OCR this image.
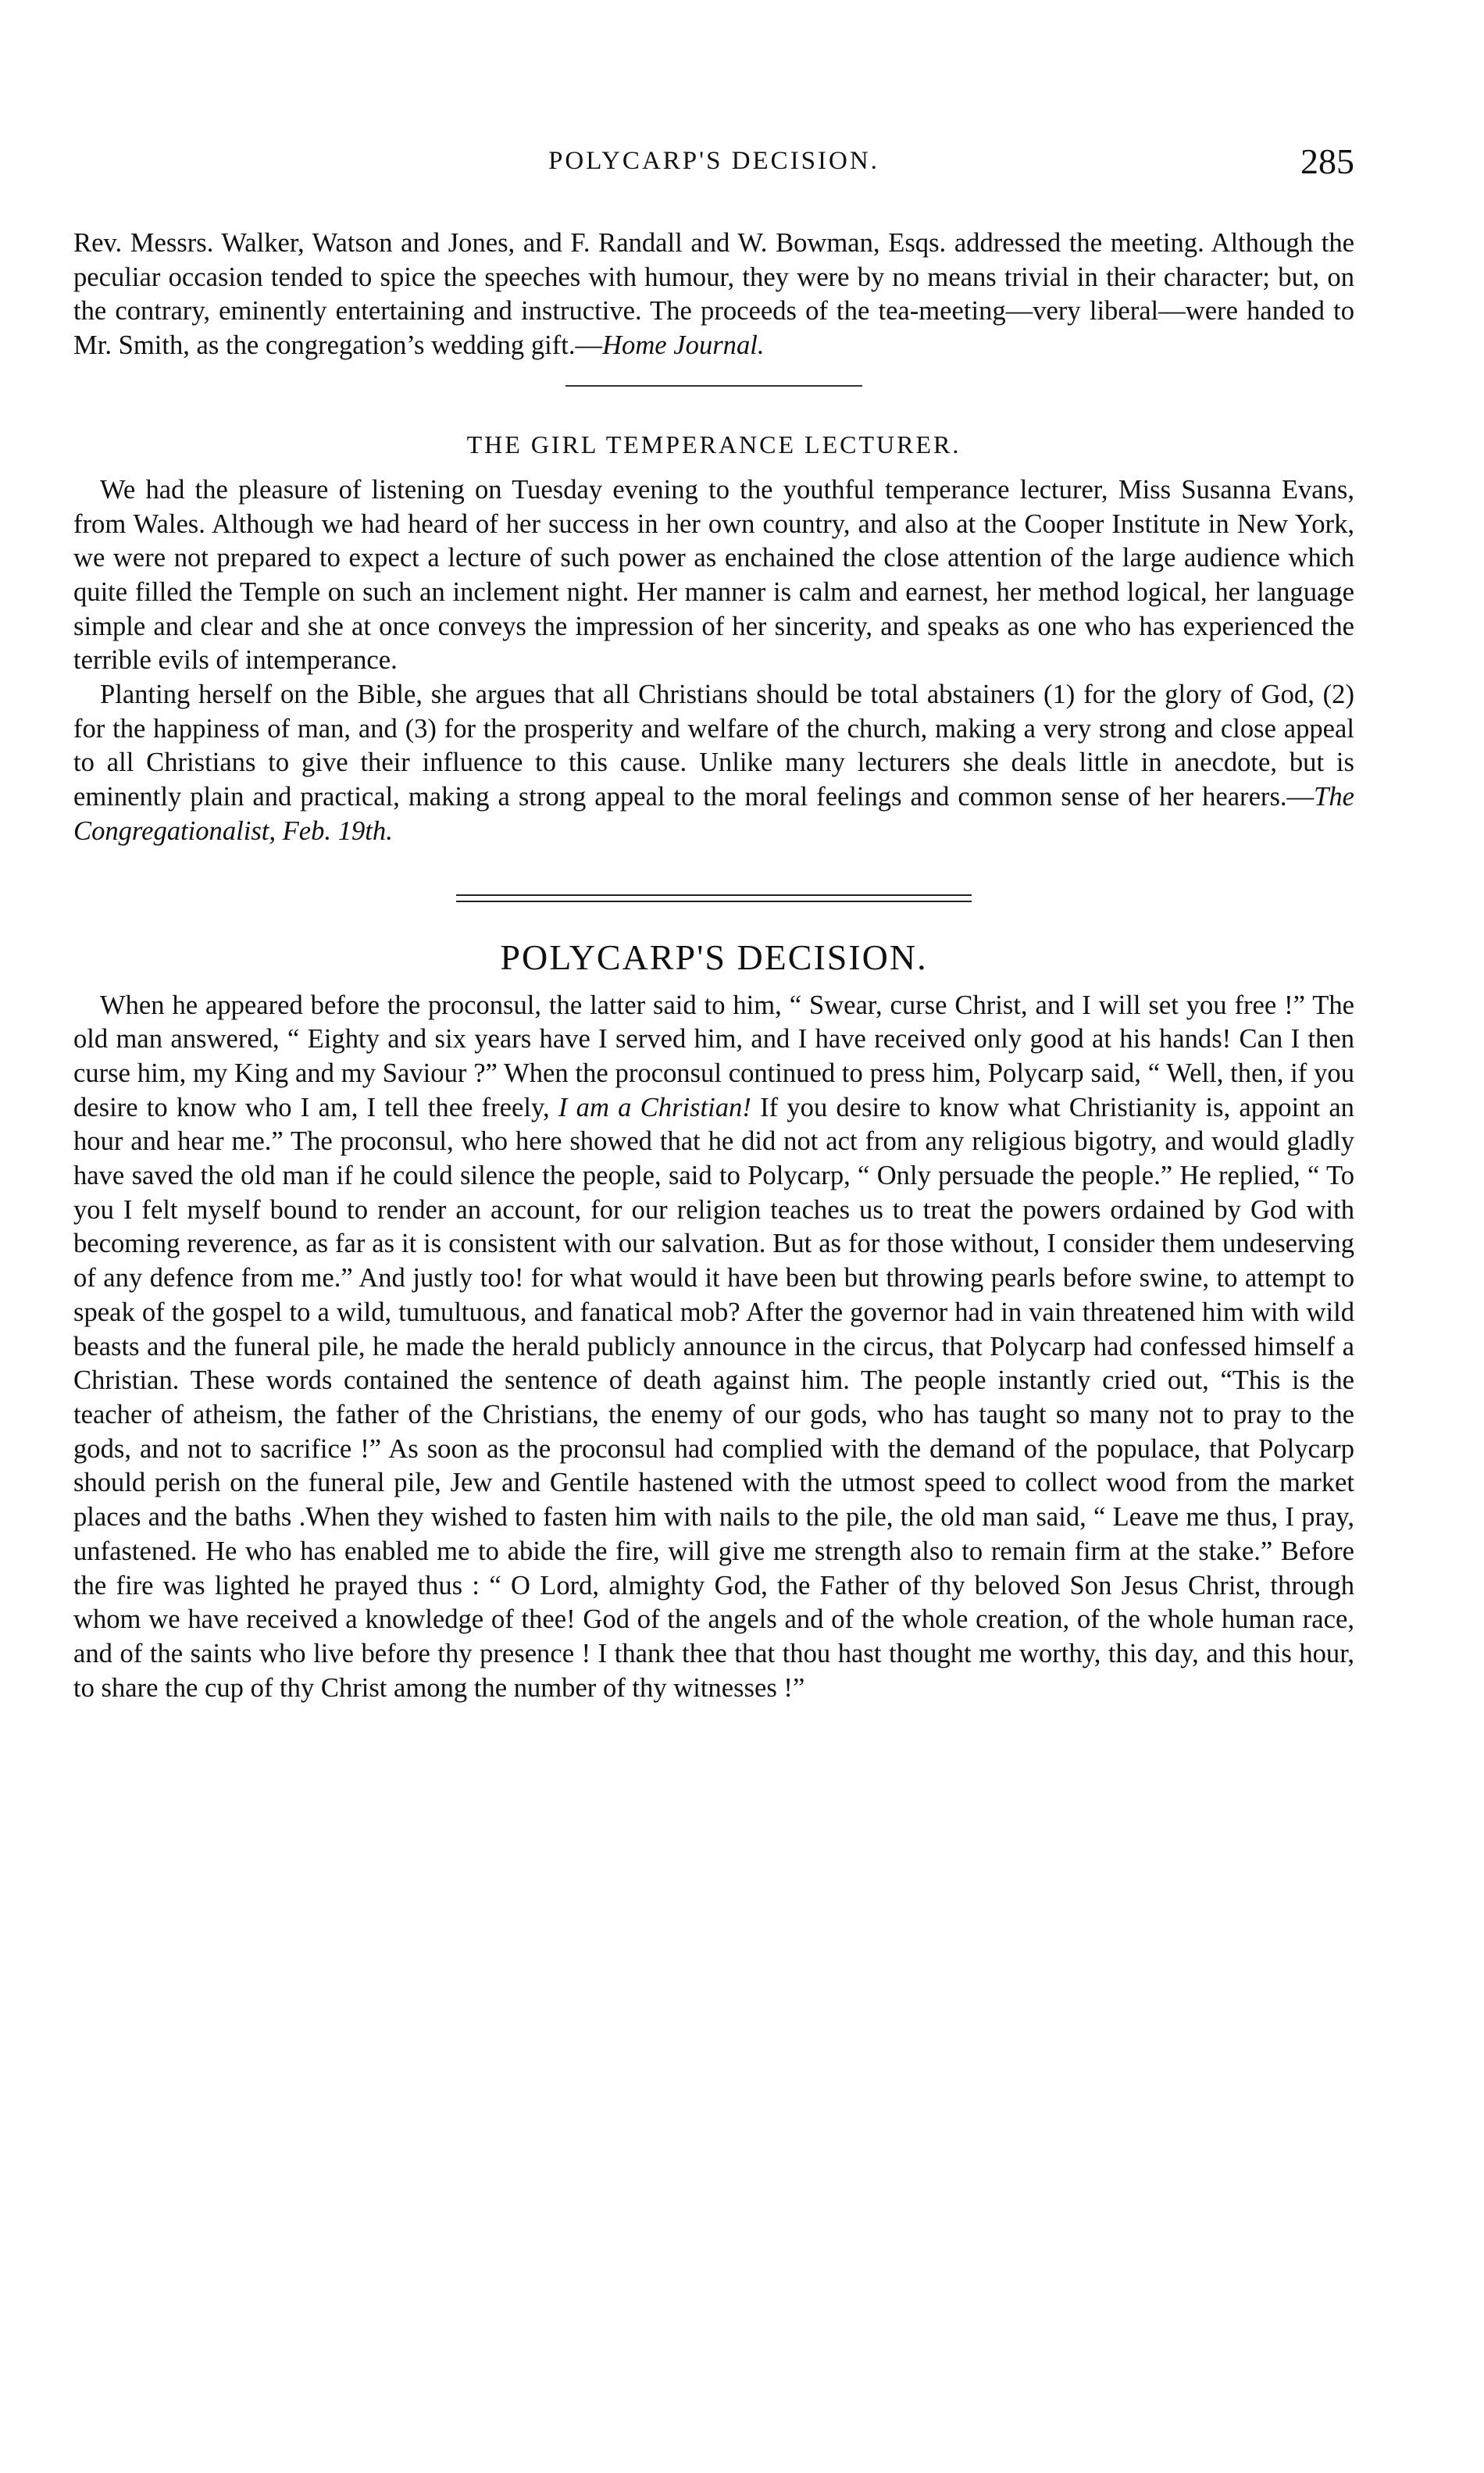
POLYCARP'S DECISION.	285

Rev. Messrs. Walker, Watson and Jones, and F. Randall and W. Bowman, Esqs. addressed the meeting. Although the peculiar occasion tended to spice the speeches with humour, they were by no means trivial in their character; but, on the contrary, eminently entertaining and instructive. The proceeds of the tea-meeting—very liberal—were handed to Mr. Smith, as the congregation’s wedding gift.—Home Journal.

THE GIRL TEMPERANCE LECTURER.

We had the pleasure of listening on Tuesday evening to the youthful temperance lecturer, Miss Susanna Evans, from Wales. Although we had heard of her success in her own country, and also at the Cooper Institute in New York, we were not prepared to expect a lecture of such power as enchained the close attention of the large audience which quite filled the Temple on such an inclement night. Her manner is calm and earnest, her method logical, her language simple and clear and she at once conveys the impression of her sincerity, and speaks as one who has experienced the terrible evils of intemperance.

Planting herself on the Bible, she argues that all Christians should be total abstainers (1) for the glory of God, (2) for the happiness of man, and (3) for the prosperity and welfare of the church, making a very strong and close appeal to all Christians to give their influence to this cause. Unlike many lecturers she deals little in anecdote, but is eminently plain and practical, making a strong appeal to the moral feelings and common sense of her hearers.—The Congregationalist, Feb. 19th.

POLYCARP'S DECISION.

When he appeared before the proconsul, the latter said to him, “ Swear, curse Christ, and I will set you free !” The old man answered, “ Eighty and six years have I served him, and I have received only good at his hands! Can I then curse him, my King and my Saviour ?” When the proconsul continued to press him, Polycarp said, “ Well, then, if you desire to know who I am, I tell thee freely, I am a Christian! If you desire to know what Christianity is, appoint an hour and hear me.” The proconsul, who here showed that he did not act from any religious bigotry, and would gladly have saved the old man if he could silence the people, said to Polycarp, “ Only persuade the people.” He replied, “ To you I felt myself bound to render an account, for our religion teaches us to treat the powers ordained by God with becoming reverence, as far as it is consistent with our salvation. But as for those without, I consider them undeserving of any defence from me.” And justly too! for what would it have been but throwing pearls before swine, to attempt to speak of the gospel to a wild, tumultuous, and fanatical mob? After the governor had in vain threatened him with wild beasts and the funeral pile, he made the herald publicly announce in the circus, that Polycarp had confessed himself a Christian. These words contained the sentence of death against him. The people instantly cried out, “This is the teacher of atheism, the father of the Christians, the enemy of our gods, who has taught so many not to pray to the gods, and not to sacrifice !” As soon as the proconsul had complied with the demand of the populace, that Polycarp should perish on the funeral pile, Jew and Gentile hastened with the utmost speed to collect wood from the market places and the baths .When they wished to fasten him with nails to the pile, the old man said, “ Leave me thus, I pray, unfastened. He who has enabled me to abide the fire, will give me strength also to remain firm at the stake.” Before the fire was lighted he prayed thus : “ O Lord, almighty God, the Father of thy beloved Son Jesus Christ, through whom we have received a knowledge of thee! God of the angels and of the whole creation, of the whole human race, and of the saints who live before thy presence ! I thank thee that thou hast thought me worthy, this day, and this hour, to share the cup of thy Christ among the number of thy witnesses !”
